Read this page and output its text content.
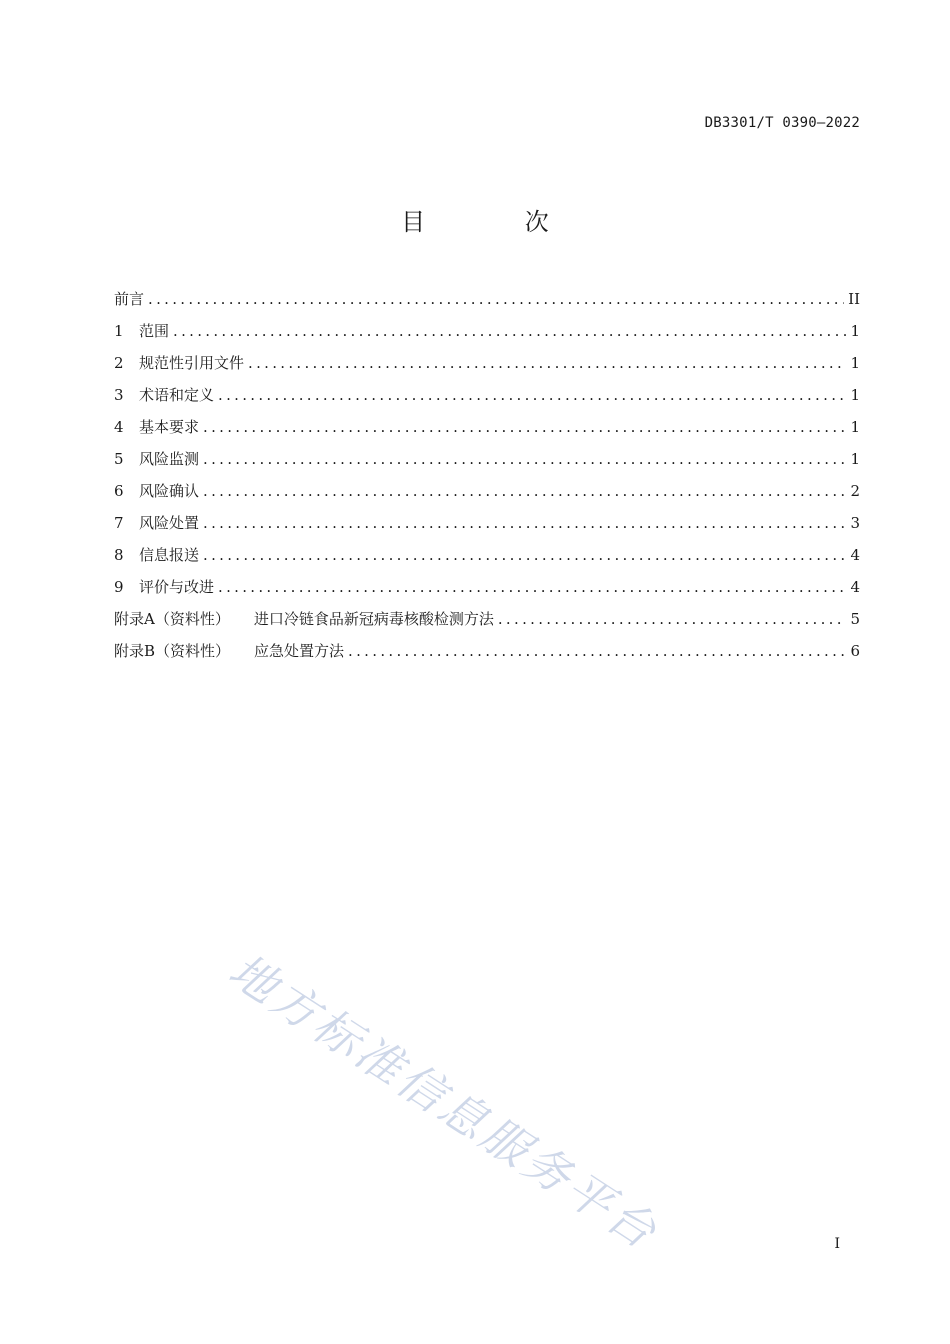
DB3301/T 0390—2022
目 次
前言 .....	II
1	范围 .....	1
2	规范性引用文件 .....	1
3	术语和定义 .....	1
4	基本要求 .....	1
5	风险监测 .....	1
6	风险确认 .....	2
7	风险处置 .....	3
8	信息报送 .....	4
9	评价与改进 .....	4
附录A（资料性） 进口冷链食品新冠病毒核酸检测方法 .....	5
附录B（资料性） 应急处置方法 .....	6
地方标准信息服务平台	I
